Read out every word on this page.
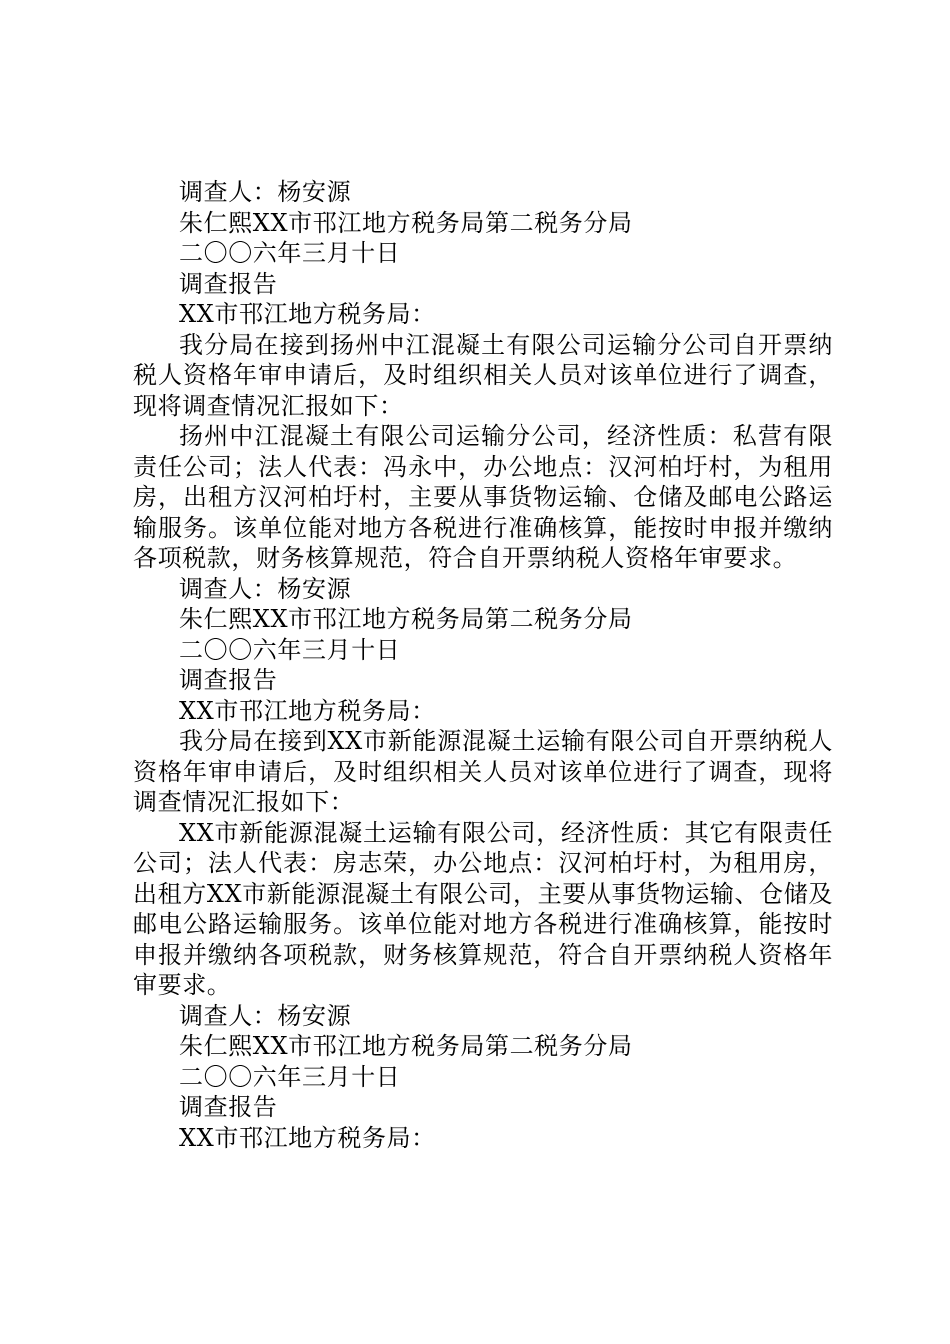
调查人：杨安源

朱仁熙XX市邗江地方税务局第二税务分局

二〇〇六年三月十日

调查报告

XX市邗江地方税务局：

我分局在接到扬州中江混凝土有限公司运输分公司自开票纳税人资格年审申请后，及时组织相关人员对该单位进行了调查，现将调查情况汇报如下：

扬州中江混凝土有限公司运输分公司，经济性质：私营有限责任公司；法人代表：冯永中，办公地点：汉河柏圩村，为租用房，出租方汉河柏圩村，主要从事货物运输、仓储及邮电公路运输服务。该单位能对地方各税进行准确核算，能按时申报并缴纳各项税款，财务核算规范，符合自开票纳税人资格年审要求。

调查人：杨安源

朱仁熙XX市邗江地方税务局第二税务分局

二〇〇六年三月十日

调查报告

XX市邗江地方税务局：

我分局在接到XX市新能源混凝土运输有限公司自开票纳税人资格年审申请后，及时组织相关人员对该单位进行了调查，现将调查情况汇报如下：

XX市新能源混凝土运输有限公司，经济性质：其它有限责任公司；法人代表：房志荣，办公地点：汉河柏圩村，为租用房，出租方XX市新能源混凝土有限公司，主要从事货物运输、仓储及邮电公路运输服务。该单位能对地方各税进行准确核算，能按时申报并缴纳各项税款，财务核算规范，符合自开票纳税人资格年审要求。

调查人：杨安源

朱仁熙XX市邗江地方税务局第二税务分局

二〇〇六年三月十日

调查报告

XX市邗江地方税务局：
